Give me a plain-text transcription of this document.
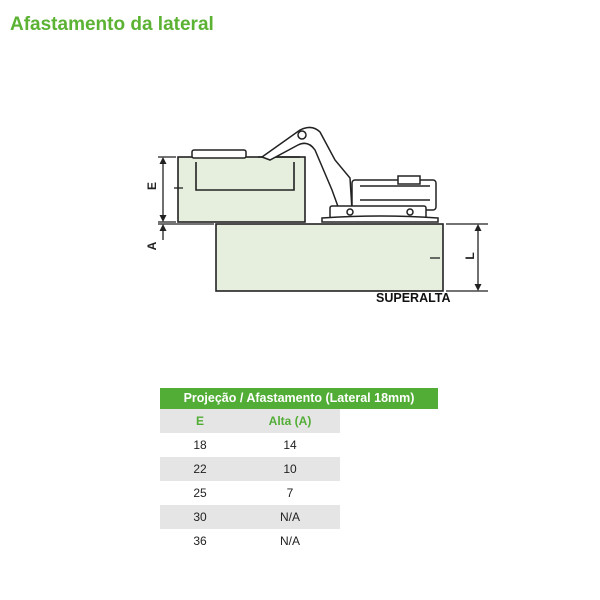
Afastamento da lateral
E
A
L
SUPERALTA
Projeção / Afastamento (Lateral 18mm)
E	Alta (A)
18	14
22	10
25	7
30	N/A
36	N/A
